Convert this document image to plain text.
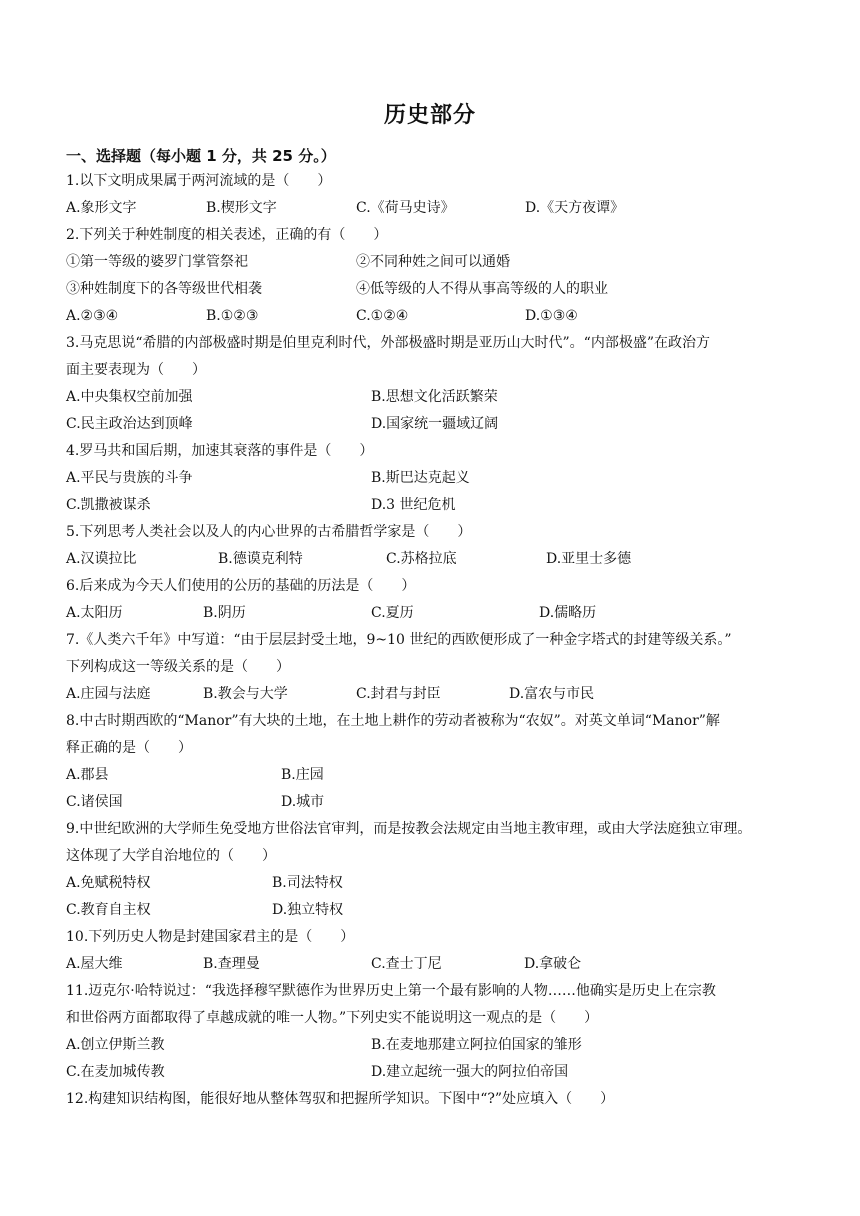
历史部分
一、选择题（每小题 1 分，共 25 分。）
1.以下文明成果属于两河流域的是（　　）
A.象形文字	B.楔形文字	C.《荷马史诗》	D.《天方夜谭》
2.下列关于种姓制度的相关表述，正确的有（　　）
①第一等级的婆罗门掌管祭祀	②不同种姓之间可以通婚
③种姓制度下的各等级世代相袭	④低等级的人不得从事高等级的人的职业
A.②③④	B.①②③	C.①②④	D.①③④
3.马克思说“希腊的内部极盛时期是伯里克利时代，外部极盛时期是亚历山大时代”。“内部极盛”在政治方
面主要表现为（　　）
A.中央集权空前加强	B.思想文化活跃繁荣
C.民主政治达到顶峰	D.国家统一疆域辽阔
4.罗马共和国后期，加速其衰落的事件是（　　）
A.平民与贵族的斗争	B.斯巴达克起义
C.凯撒被谋杀	D.3 世纪危机
5.下列思考人类社会以及人的内心世界的古希腊哲学家是（　　）
A.汉谟拉比	B.德谟克利特	C.苏格拉底	D.亚里士多德
6.后来成为今天人们使用的公历的基础的历法是（　　）
A.太阳历	B.阴历	C.夏历	D.儒略历
7.《人类六千年》中写道：“由于层层封受土地，9~10 世纪的西欧便形成了一种金字塔式的封建等级关系。”
下列构成这一等级关系的是（　　）
A.庄园与法庭	B.教会与大学	C.封君与封臣	D.富农与市民
8.中古时期西欧的“Manor”有大块的土地，在土地上耕作的劳动者被称为“农奴”。对英文单词“Manor”解
释正确的是（　　）
A.郡县	B.庄园
C.诸侯国	D.城市
9.中世纪欧洲的大学师生免受地方世俗法官审判，而是按教会法规定由当地主教审理，或由大学法庭独立审理。
这体现了大学自治地位的（　　）
A.免赋税特权	B.司法特权
C.教育自主权	D.独立特权
10.下列历史人物是封建国家君主的是（　　）
A.屋大维	B.查理曼	C.查士丁尼	D.拿破仑
11.迈克尔·哈特说过：“我选择穆罕默德作为世界历史上第一个最有影响的人物……他确实是历史上在宗教
和世俗两方面都取得了卓越成就的唯一人物。”下列史实不能说明这一观点的是（　　）
A.创立伊斯兰教	B.在麦地那建立阿拉伯国家的雏形
C.在麦加城传教	D.建立起统一强大的阿拉伯帝国
12.构建知识结构图，能很好地从整体驾驭和把握所学知识。下图中“?”处应填入（　　）
